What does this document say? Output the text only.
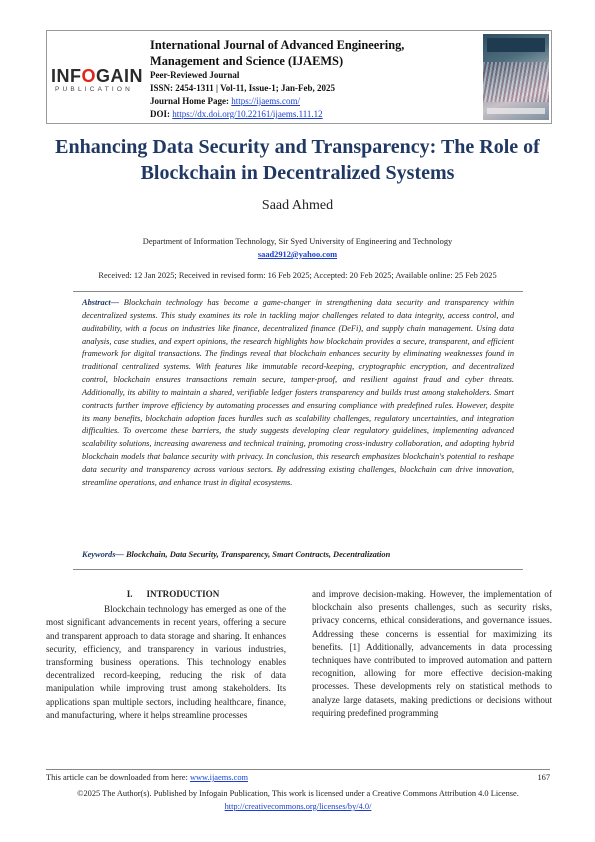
INFOGAIN
PUBLICATION
International Journal of Advanced Engineering, Management and Science (IJAEMS)
Peer-Reviewed Journal
ISSN: 2454-1311 | Vol-11, Issue-1; Jan-Feb, 2025
Journal Home Page: https://ijaems.com/
DOI: https://dx.doi.org/10.22161/ijaems.111.12
Enhancing Data Security and Transparency: The Role of Blockchain in Decentralized Systems
Saad Ahmed
Department of Information Technology, Sir Syed University of Engineering and Technology
saad2912@yahoo.com
Received: 12 Jan 2025; Received in revised form: 16 Feb 2025; Accepted: 20 Feb 2025; Available online: 25 Feb 2025
Abstract— Blockchain technology has become a game-changer in strengthening data security and transparency within decentralized systems. This study examines its role in tackling major challenges related to data integrity, access control, and auditability, with a focus on industries like finance, decentralized finance (DeFi), and supply chain management. Using data analysis, case studies, and expert opinions, the research highlights how blockchain provides a secure, transparent, and efficient framework for digital transactions. The findings reveal that blockchain enhances security by eliminating weaknesses found in traditional centralized systems. With features like immutable record-keeping, cryptographic encryption, and decentralized control, blockchain ensures transactions remain secure, tamper-proof, and resilient against fraud and cyber threats. Additionally, its ability to maintain a shared, verifiable ledger fosters transparency and builds trust among stakeholders. Smart contracts further improve efficiency by automating processes and ensuring compliance with predefined rules. However, despite its many benefits, blockchain adoption faces hurdles such as scalability challenges, regulatory uncertainties, and integration difficulties. To overcome these barriers, the study suggests developing clear regulatory guidelines, implementing advanced scalability solutions, increasing awareness and technical training, promoting cross-industry collaboration, and adopting hybrid blockchain models that balance security with privacy. In conclusion, this research emphasizes blockchain's potential to reshape data security and transparency across various sectors. By addressing existing challenges, blockchain can drive innovation, streamline operations, and enhance trust in digital ecosystems.
Keywords— Blockchain, Data Security, Transparency, Smart Contracts, Decentralization
I. INTRODUCTION
Blockchain technology has emerged as one of the most significant advancements in recent years, offering a secure and transparent approach to data storage and sharing. It enhances security, efficiency, and transparency in various industries, transforming business operations. This technology enables decentralized record-keeping, reducing the risk of data manipulation while improving trust among stakeholders. Its applications span multiple sectors, including healthcare, finance, and manufacturing, where it helps streamline processes
and improve decision-making. However, the implementation of blockchain also presents challenges, such as security risks, privacy concerns, ethical considerations, and governance issues. Addressing these concerns is essential for maximizing its benefits. [1] Additionally, advancements in data processing techniques have contributed to improved automation and pattern recognition, allowing for more effective decision-making processes. These developments rely on statistical methods to analyze large datasets, making predictions or decisions without requiring predefined programming
This article can be downloaded from here: www.ijaems.com	167
©2025 The Author(s). Published by Infogain Publication, This work is licensed under a Creative Commons Attribution 4.0 License. http://creativecommons.org/licenses/by/4.0/
